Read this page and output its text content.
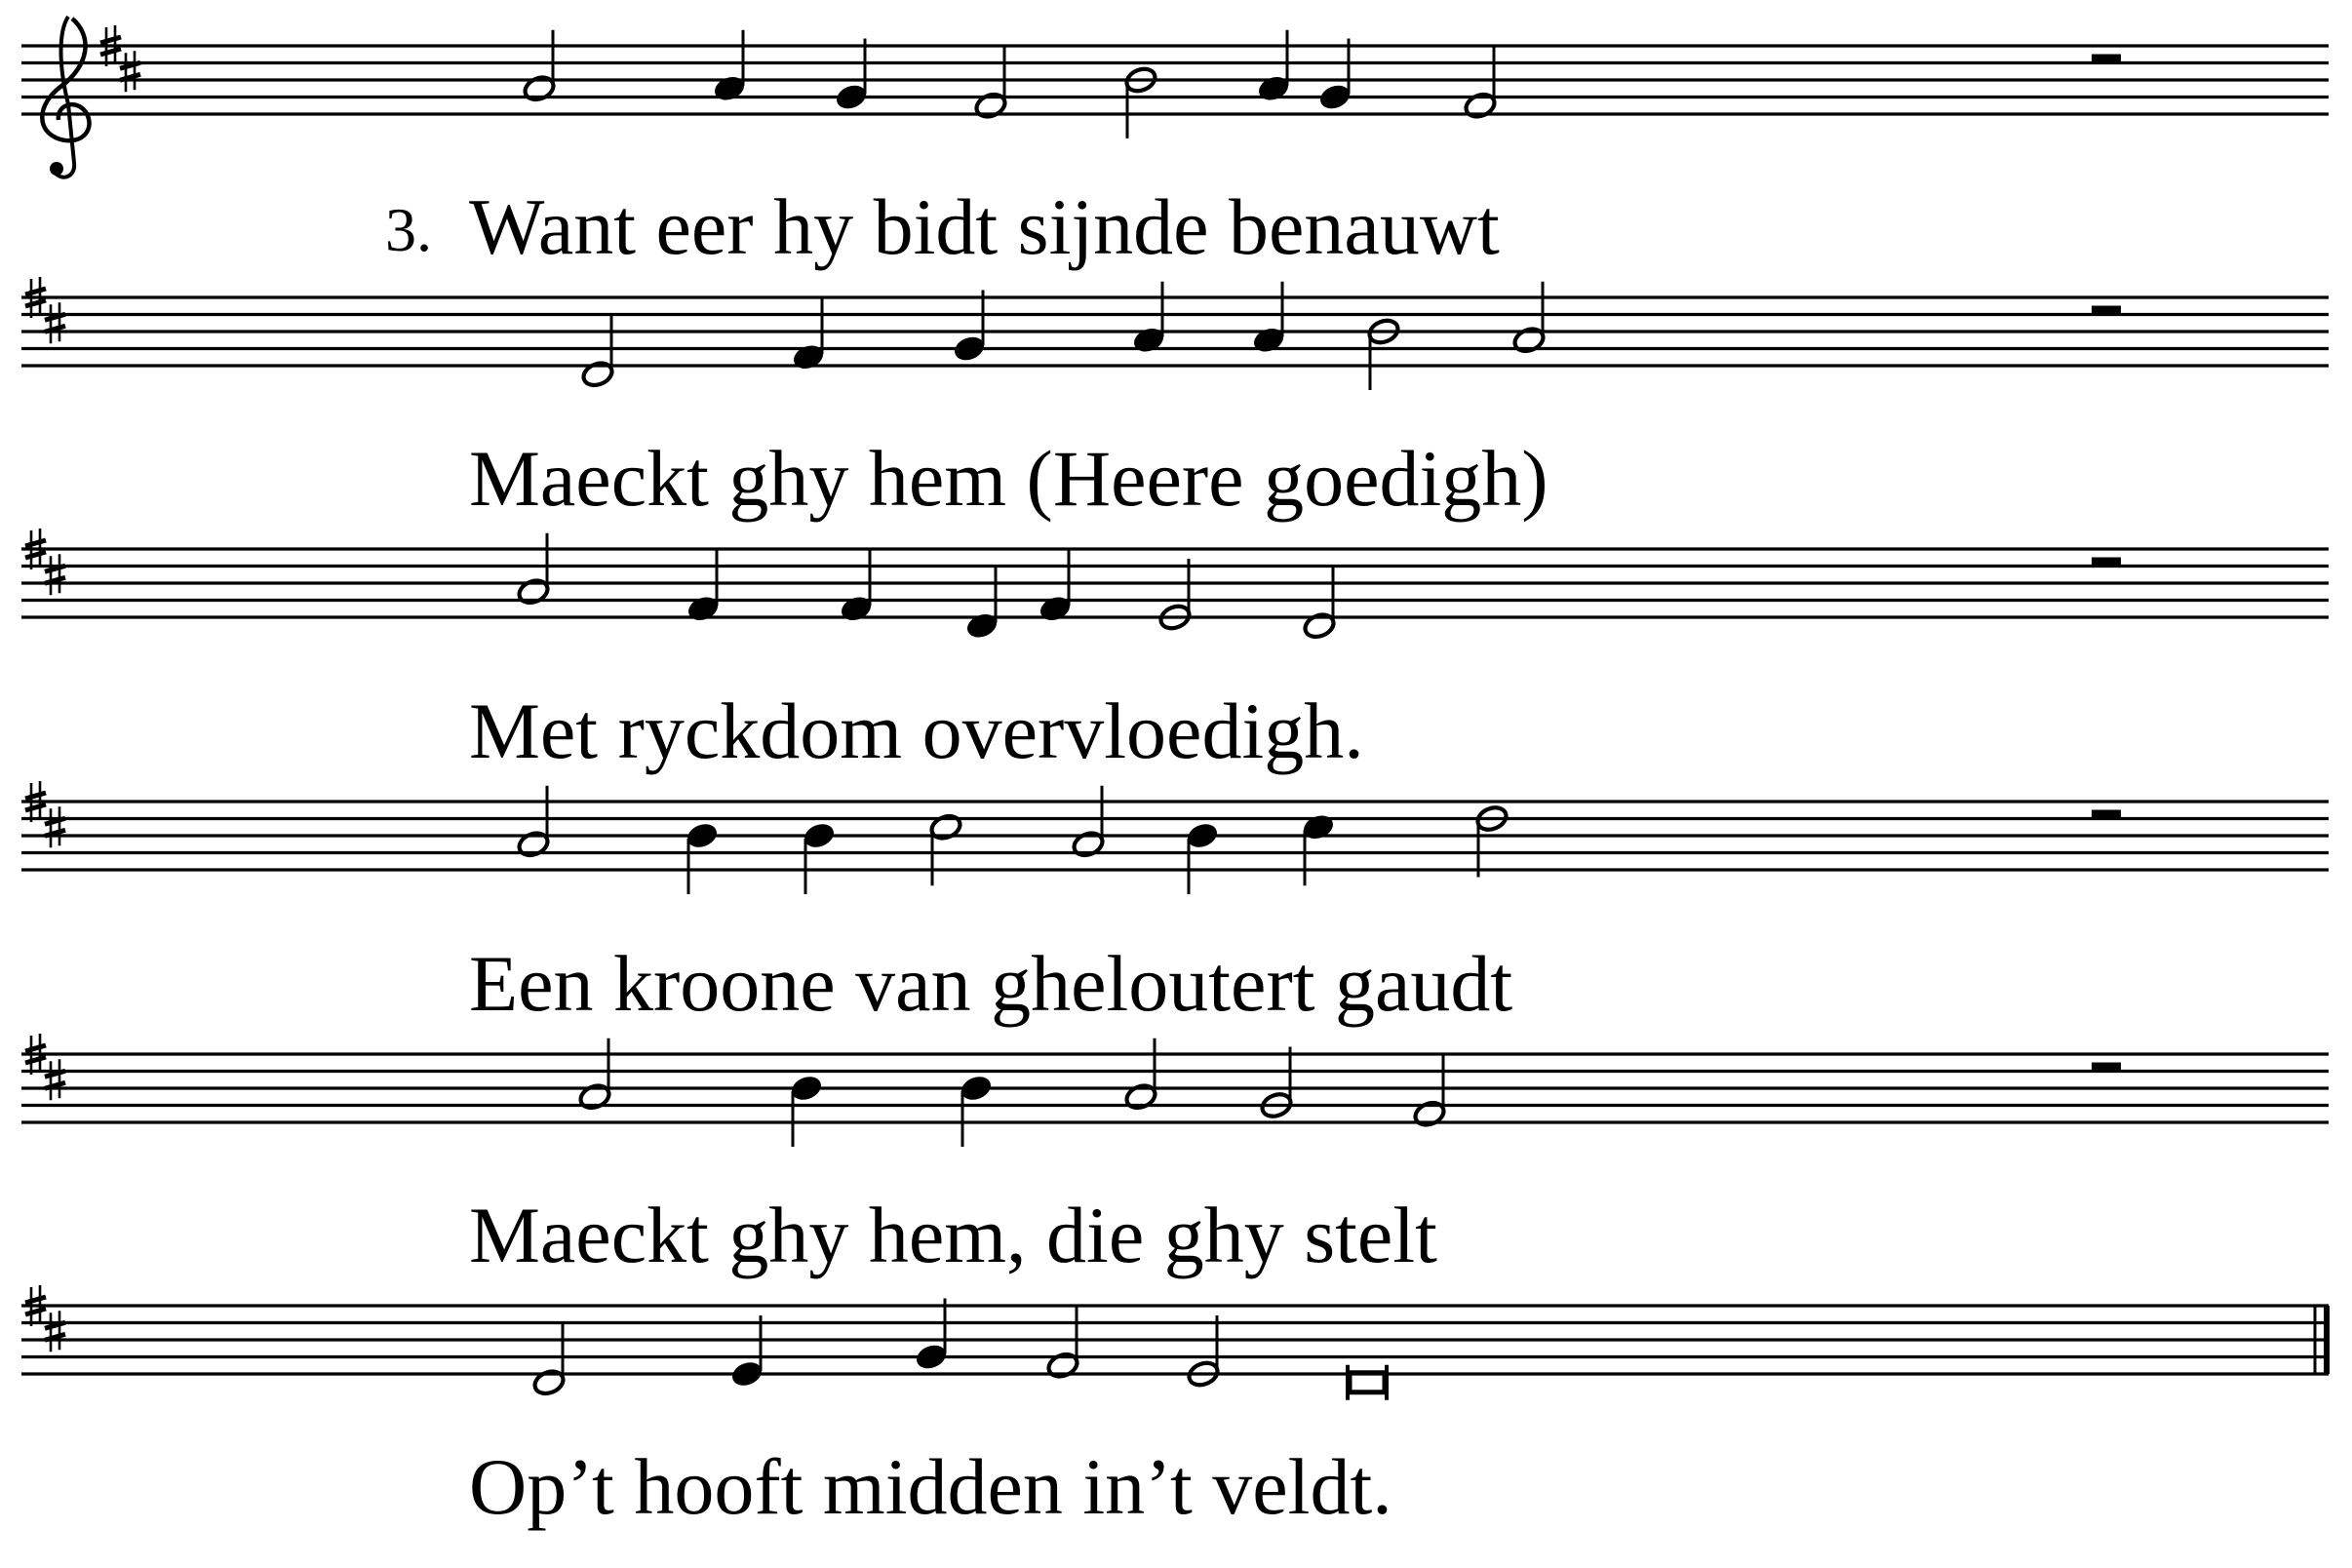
3. Want eer hy bidt sijnde benauwt
Maeckt ghy hem (Heere goedigh)
Met ryckdom overvloedigh.
Een kroone van gheloutert gaudt
Maeckt ghy hem, die ghy stelt
Op’t hooft midden in’t veldt.
